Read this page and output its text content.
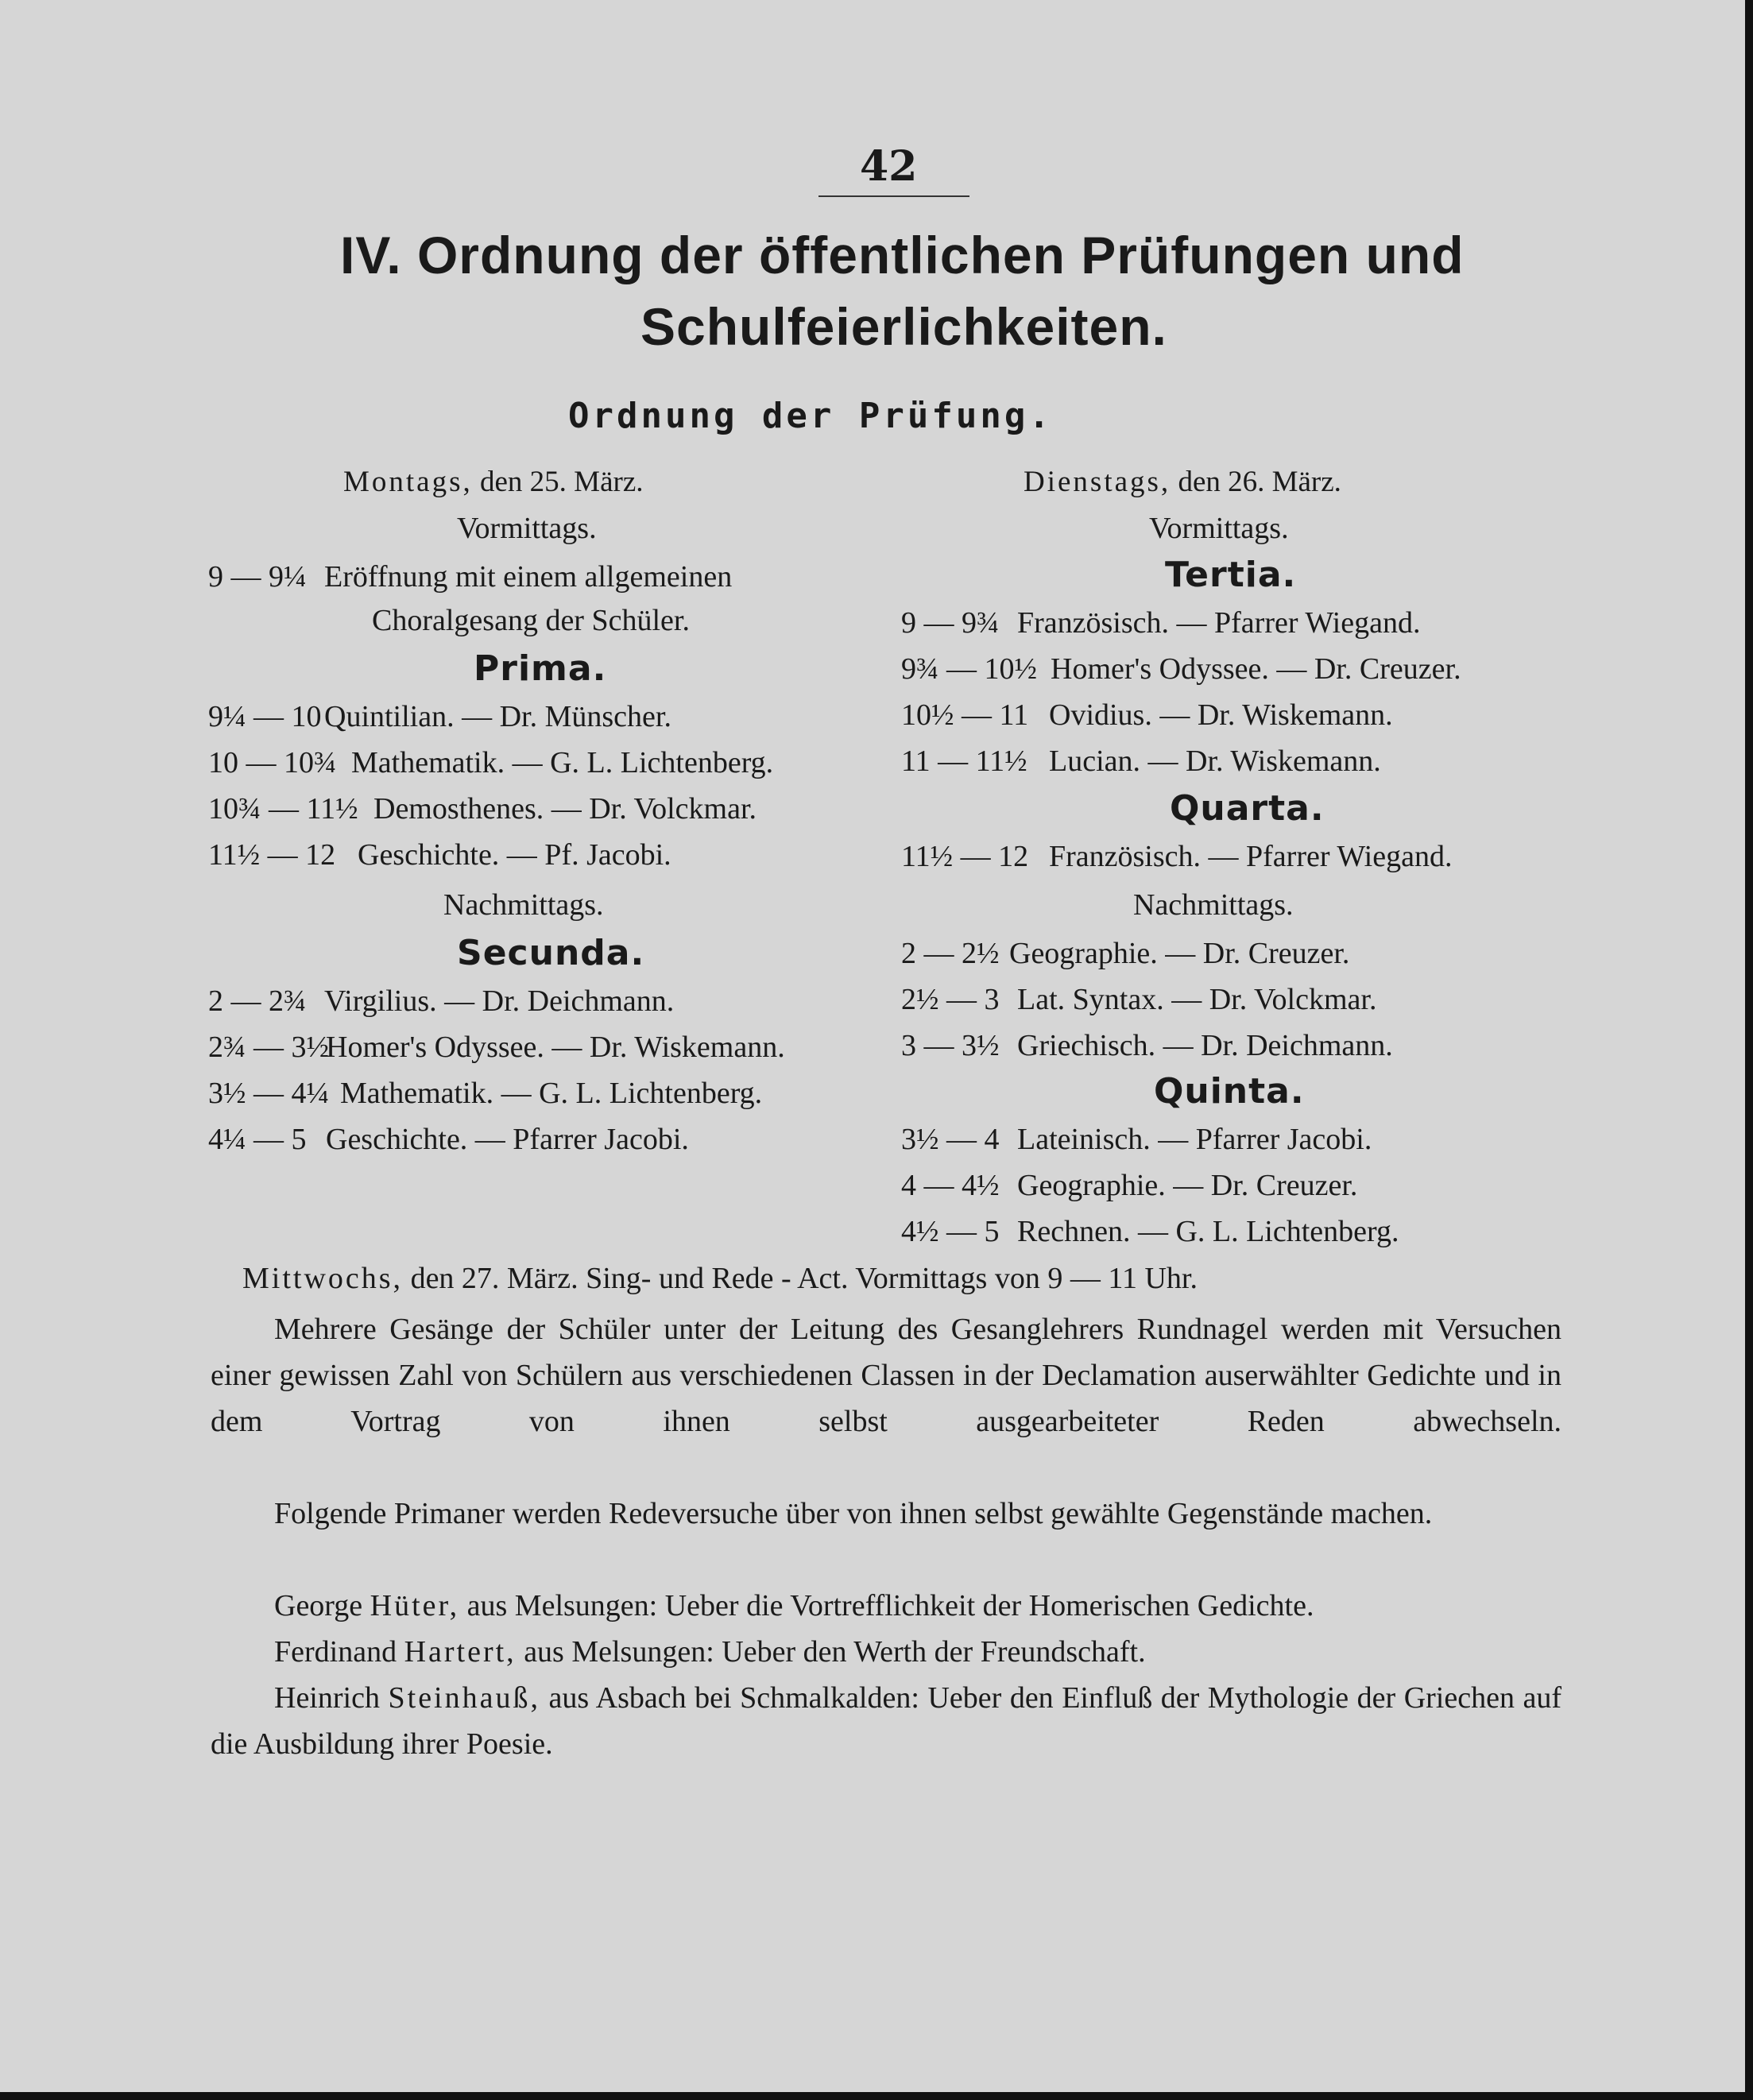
42
IV. Ordnung der öffentlichen Prüfungen und
Schulfeierlichkeiten.
Ordnung der Prüfung.
Montags, den 25. März.
Vormittags.
9 — 9¼ Eröffnung mit einem allgemeinen
Choralgesang der Schüler.
Prima.
9¼ — 10 Quintilian. — Dr. Münscher.
10 — 10¾ Mathematik. — G. L. Lichtenberg.
10¾ — 11½ Demosthenes. — Dr. Volckmar.
11½ — 12 Geschichte. — Pf. Jacobi.
Nachmittags.
Secunda.
2 — 2¾ Virgilius. — Dr. Deichmann.
2¾ — 3½
Homer's Odyssee. — Dr. Wiskemann.
3½ — 4¼ Mathematik. — G. L. Lichtenberg.
4¼ — 5 Geschichte. — Pfarrer Jacobi.
Dienstags, den 26. März.
Vormittags.
Tertia.
9 — 9¾ Französisch. — Pfarrer Wiegand.
9¾ — 10½ Homer's Odyssee. — Dr. Creuzer.
10½ — 11 Ovidius. — Dr. Wiskemann.
11 — 11½ Lucian. — Dr. Wiskemann.
Quarta.
11½ — 12 Französisch. — Pfarrer Wiegand.
Nachmittags.
2 — 2½ Geographie. — Dr. Creuzer.
2½ — 3 Lat. Syntax. — Dr. Volckmar.
3 — 3½ Griechisch. — Dr. Deichmann.
Quinta.
3½ — 4 Lateinisch. — Pfarrer Jacobi.
4 — 4½ Geographie. — Dr. Creuzer.
4½ — 5 Rechnen. — G. L. Lichtenberg.
Mittwochs, den 27. März. Sing- und Rede - Act. Vormittags von 9 — 11 Uhr.
Mehrere Gesänge der Schüler unter der Leitung des Gesanglehrers Rundnagel werden mit Versuchen einer gewissen Zahl von Schülern aus verschiedenen Classen in der Declamation auserwählter Gedichte und in dem Vortrag von ihnen selbst ausgearbeiteter Reden abwechseln.
Folgende Primaner werden Redeversuche über von ihnen selbst gewählte Gegenstände machen.
George Hüter, aus Melsungen: Ueber die Vortrefflichkeit der Homerischen Gedichte.
Ferdinand Hartert, aus Melsungen: Ueber den Werth der Freundschaft.
Heinrich Steinhauß, aus Asbach bei Schmalkalden: Ueber den Einfluß der Mythologie der Griechen auf die Ausbildung ihrer Poesie.
